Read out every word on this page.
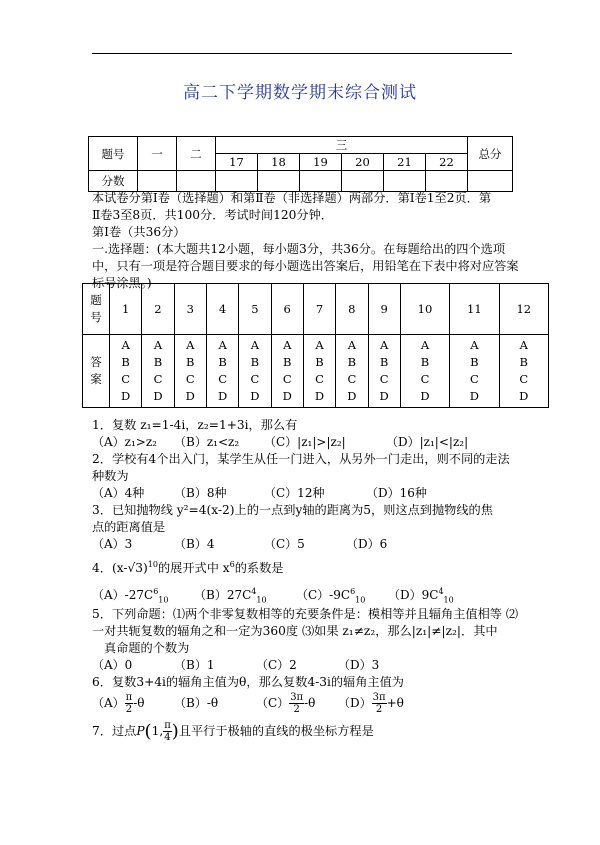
高二下学期数学期末综合测试
题号	一	二	三						总分
			17	18	19	20	21	22	
分数									
本试卷分第Ⅰ卷（选择题）和第Ⅱ卷（非选择题）两部分．第Ⅰ卷1至2页．第
Ⅱ卷3至8页．共100分．考试时间120分钟．
第Ⅰ卷（共36分）
一.选择题：(本大题共12小题，每小题3分，共36分。在每题给出的四个选项
中，只有一项是符合题目要求的每小题选出答案后，用铅笔在下表中将对应答案
标号涂黑。)
题
号	1	2	3	4	5	6	7	8	9	10	11	12

答
案	A
B
C
D	A
B
C
D	A
B
C
D	A
B
C
D	A
B
C
D	A
B
C
D	A
B
C
D	A
B
C
D	A
B
C
D	A
B
C
D	A
B
C
D	A
B
C
D
1．复数 z₁=1-4i，z₂=1+3i，那么有
（A）z₁>z₂ （B）z₁<z₂ （C）|z₁|>|z₂|	（D）|z₁|<|z₂|
2．学校有4个出入门，某学生从任一门进入，从另外一门走出，则不同的走法
种数为
（A）4种 （B）8种	（C）12种	（D）16种
3．已知抛物线 y²=4(x-2)上的一点到y轴的距离为5，则这点到抛物线的焦
点的距离值是
（A）3	（B）4	（C）5	（D）6
4．$(x-√3)^{10}$的展开式中 $x^6$的系数是
$(A)-27C^6_{10}$ $(B)27C^4_{10}$ $(C)-9C^6_{10}$ $(D)9C^4_{10}$
5．下列命题：⑴两个非零复数相等的充要条件是：模相等并且辐角主值相等 ⑵
一对共轭复数的辐角之和一定为360度 ⑶如果 z₁≠z₂，那么|z₁|≠|z₂|．其中
真命题的个数为
（A）0	（B）1	（C）2	（D）3
6．复数3+4i的辐角主值为θ，那么复数4-3i的辐角主值为
$(A) \frac{\pi}{2} -\theta$ （B）-θ	$(C) \frac{3\pi}{2} -\theta$ $(D) \frac{3\pi}{2} +\theta$
7．过点P(1, $\frac{\pi}{4}$ )且平行于极轴的直线的极坐标方程是
